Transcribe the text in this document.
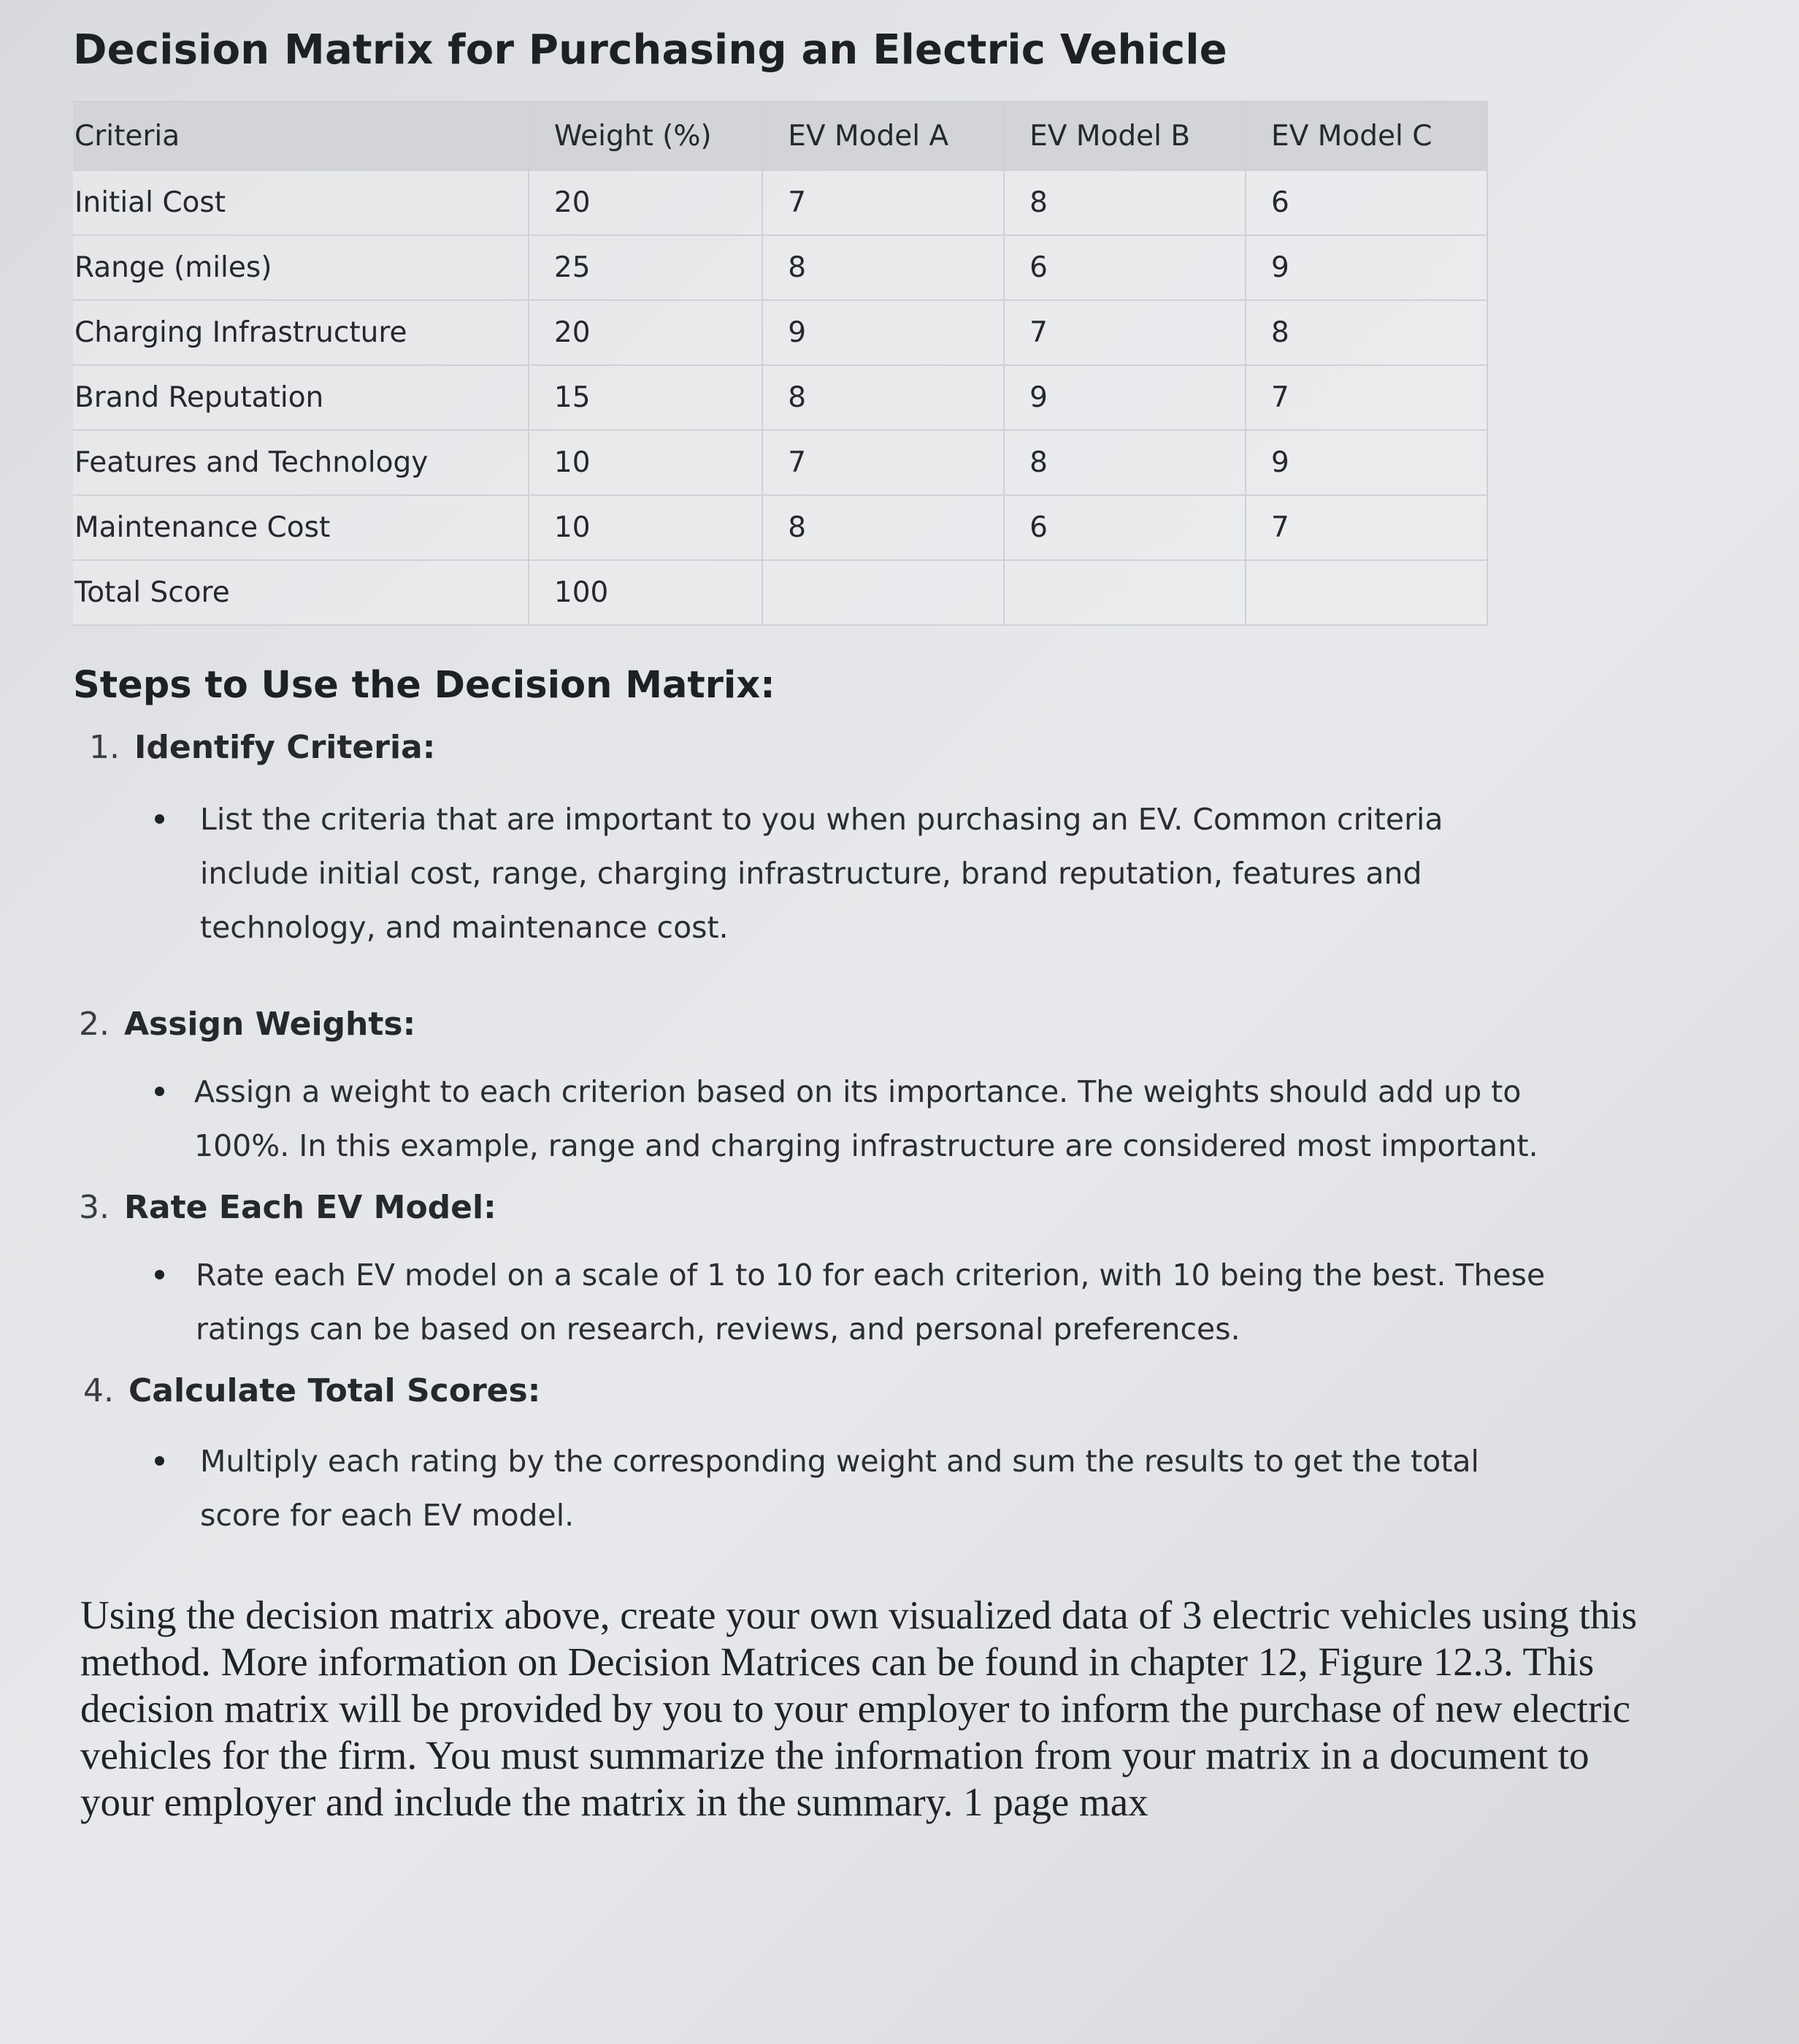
Decision Matrix for Purchasing an Electric Vehicle
Criteria	Weight (%)	EV Model A	EV Model B	EV Model C
Initial Cost	20	7	8	6
Range (miles)	25	8	6	9
Charging Infrastructure	20	9	7	8
Brand Reputation	15	8	9	7
Features and Technology	10	7	8	9
Maintenance Cost	10	8	6	7
Total Score	100			
Steps to Use the Decision Matrix:
1. Identify Criteria:
List the criteria that are important to you when purchasing an EV. Common criteria include initial cost, range, charging infrastructure, brand reputation, features and technology, and maintenance cost.
2. Assign Weights:
Assign a weight to each criterion based on its importance. The weights should add up to 100%. In this example, range and charging infrastructure are considered most important.
3. Rate Each EV Model:
Rate each EV model on a scale of 1 to 10 for each criterion, with 10 being the best. These ratings can be based on research, reviews, and personal preferences.
4. Calculate Total Scores:
Multiply each rating by the corresponding weight and sum the results to get the total score for each EV model.

Using the decision matrix above, create your own visualized data of 3 electric vehicles using this method. More information on Decision Matrices can be found in chapter 12, Figure 12.3. This decision matrix will be provided by you to your employer to inform the purchase of new electric vehicles for the firm. You must summarize the information from your matrix in a document to your employer and include the matrix in the summary. 1 page max
